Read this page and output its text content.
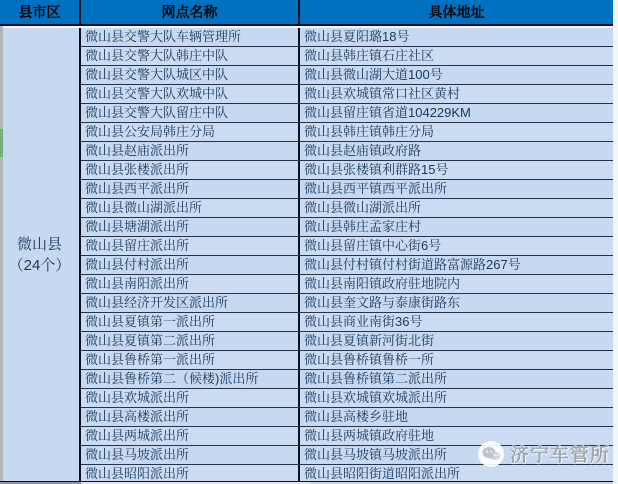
县市区	网点名称	具体地址
微山县
（24个）
微山县交警大队车辆管理所	微山县夏阳璐18号
微山县交警大队韩庄中队	微山县韩庄镇石庄社区
微山县交警大队城区中队	微山县微山湖大道100号
微山县交警大队欢城中队	微山县欢城镇常口社区黄村
微山县交警大队留庄中队	微山县留庄镇省道104229KM
微山县公安局韩庄分局	微山县韩庄镇韩庄分局
微山县赵庙派出所	微山县赵庙镇政府路
微山县张楼派出所	微山县张楼镇利群路15号
微山县西平派出所	微山县西平镇西平派出所
微山县微山湖派出所	微山县微山湖派出所
微山县塘湖派出所	微山县韩庄孟家庄村
微山县留庄派出所	微山县留庄镇中心街6号
微山县付村派出所	微山县付村镇付村街道路富源路267号
微山县南阳派出所	微山县南阳镇政府驻地院内
微山县经济开发区派出所	微山县奎文路与泰康街路东
微山县夏镇第一派出所	微山县商业南街36号
微山县夏镇第二派出所	微山县夏镇新河街北街
微山县鲁桥第一派出所	微山县鲁桥镇鲁桥一所
微山县鲁桥第二（候楼)派出所	微山县鲁桥镇第二派出所
微山县欢城派出所	微山县欢城镇欢城派出所
微山县高楼派出所	微山县高楼乡驻地
微山县两城派出所	微山县两城镇政府驻地
微山县马坡派出所	微山县马坡镇马坡派出所
微山县昭阳派出所	微山县昭阳街道昭阳派出所
济宁车管所
